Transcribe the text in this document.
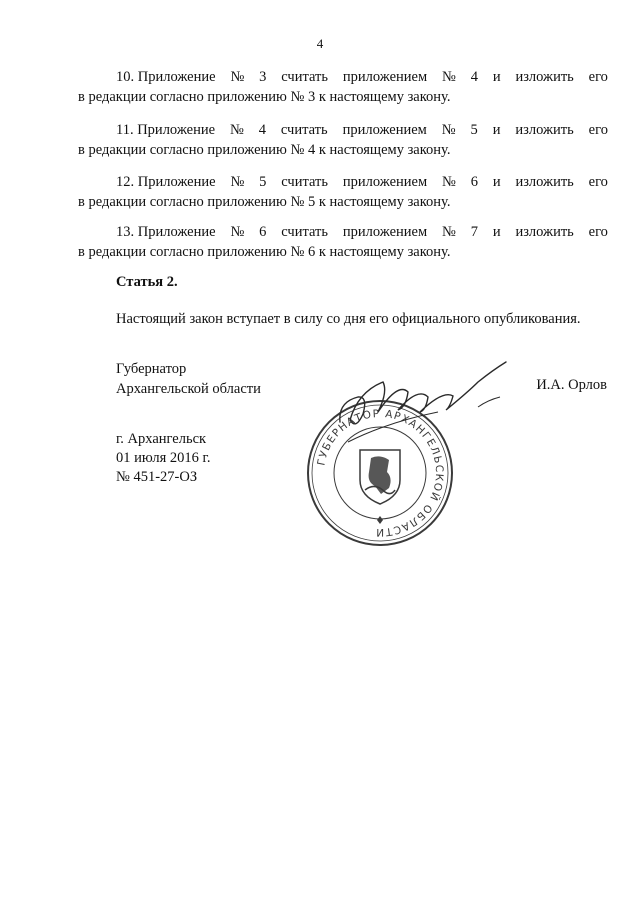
4
10. Приложение № 3 считать приложением № 4 и изложить его
в редакции согласно приложению № 3 к настоящему закону.
11. Приложение № 4 считать приложением № 5 и изложить его
в редакции согласно приложению № 4 к настоящему закону.
12. Приложение № 5 считать приложением № 6 и изложить его
в редакции согласно приложению № 5 к настоящему закону.
13. Приложение № 6 считать приложением № 7 и изложить его
в редакции согласно приложению № 6 к настоящему закону.
Статья 2.
Настоящий закон вступает в силу со дня его официального опубликования.
Губернатор
Архангельской области	И.А. Орлов
ГУБЕРНАТОР АРХАНГЕЛЬСКОЙ ОБЛАСТИ
г. Архангельск
01 июля 2016 г.
№ 451-27-ОЗ
